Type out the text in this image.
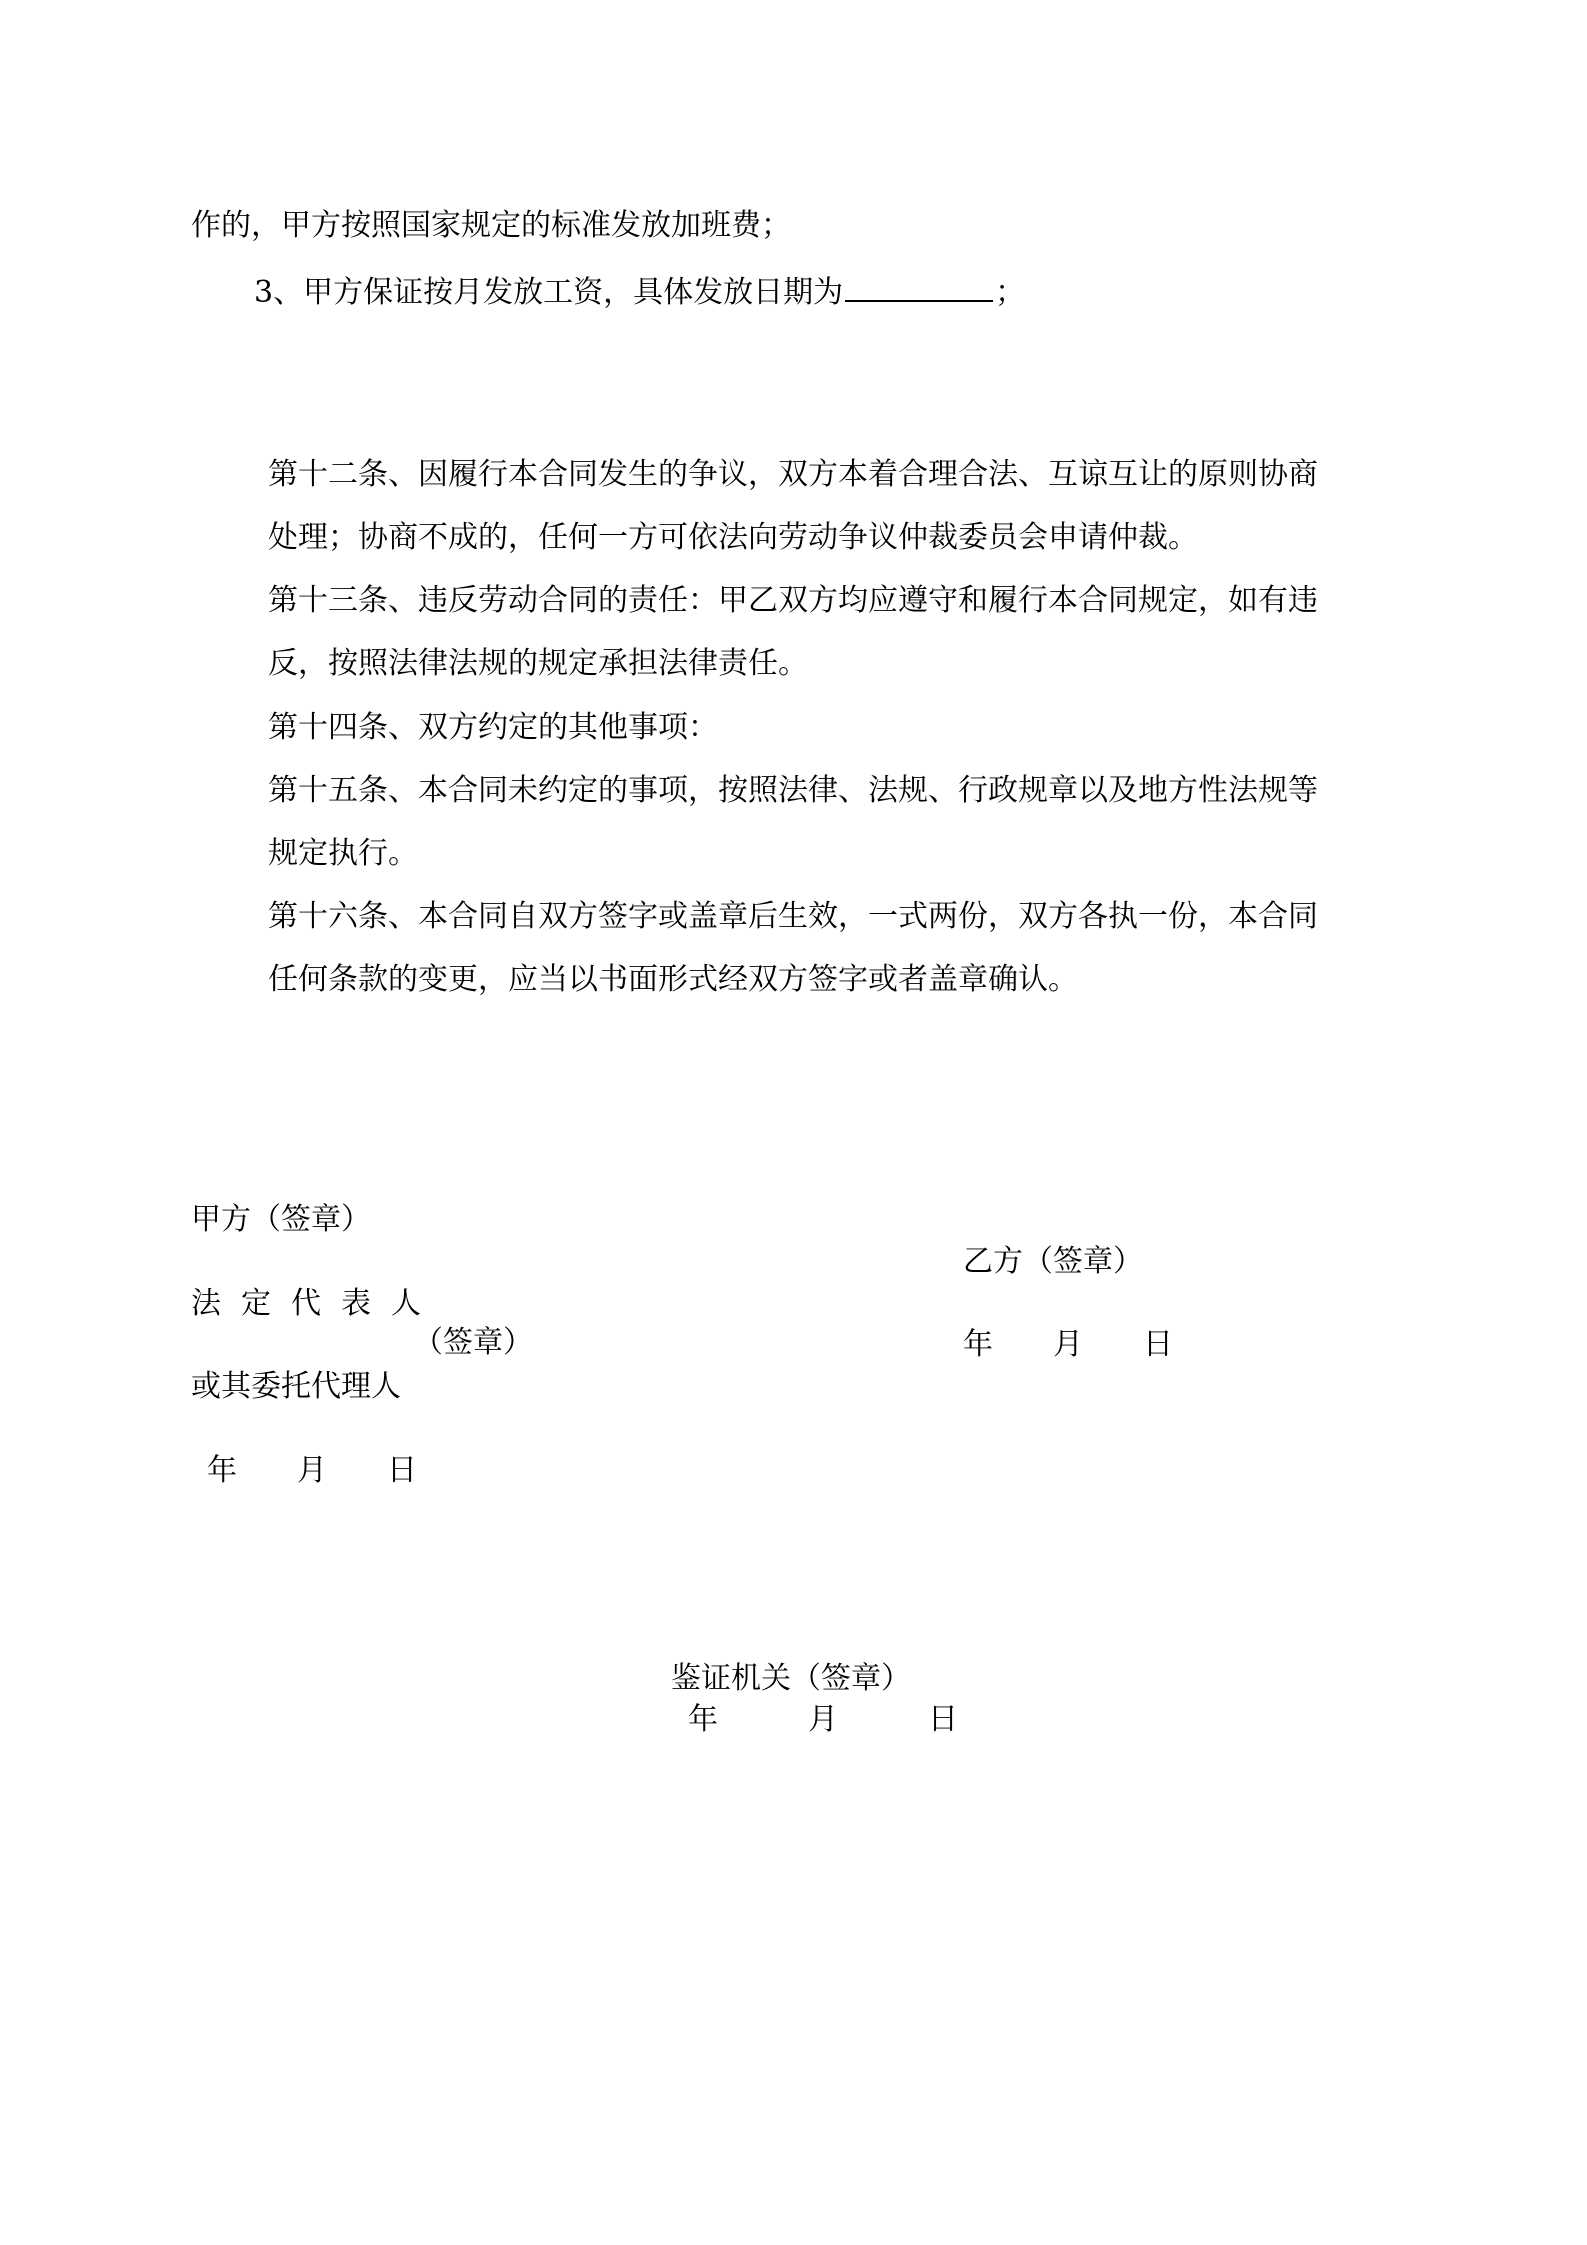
作的，甲方按照国家规定的标准发放加班费；

3、甲方保证按月发放工资，具体发放日期为	；

第十二条、因履行本合同发生的争议，双方本着合理合法、互谅互让的原则协商

处理；协商不成的，任何一方可依法向劳动争议仲裁委员会申请仲裁。

第十三条、违反劳动合同的责任：甲乙双方均应遵守和履行本合同规定，如有违

反，按照法律法规的规定承担法律责任。

第十四条、双方约定的其他事项：

第十五条、本合同未约定的事项，按照法律、法规、行政规章以及地方性法规等

规定执行。

第十六条、本合同自双方签字或盖章后生效，一式两份，双方各执一份，本合同

任何条款的变更，应当以书面形式经双方签字或者盖章确认。

甲方（签章）

法定代表人

（签章）

或其委托代理人

年　　月　　日

乙方（签章）

年　　月　　日

鉴证机关（签章）

年　　　月　　　日
